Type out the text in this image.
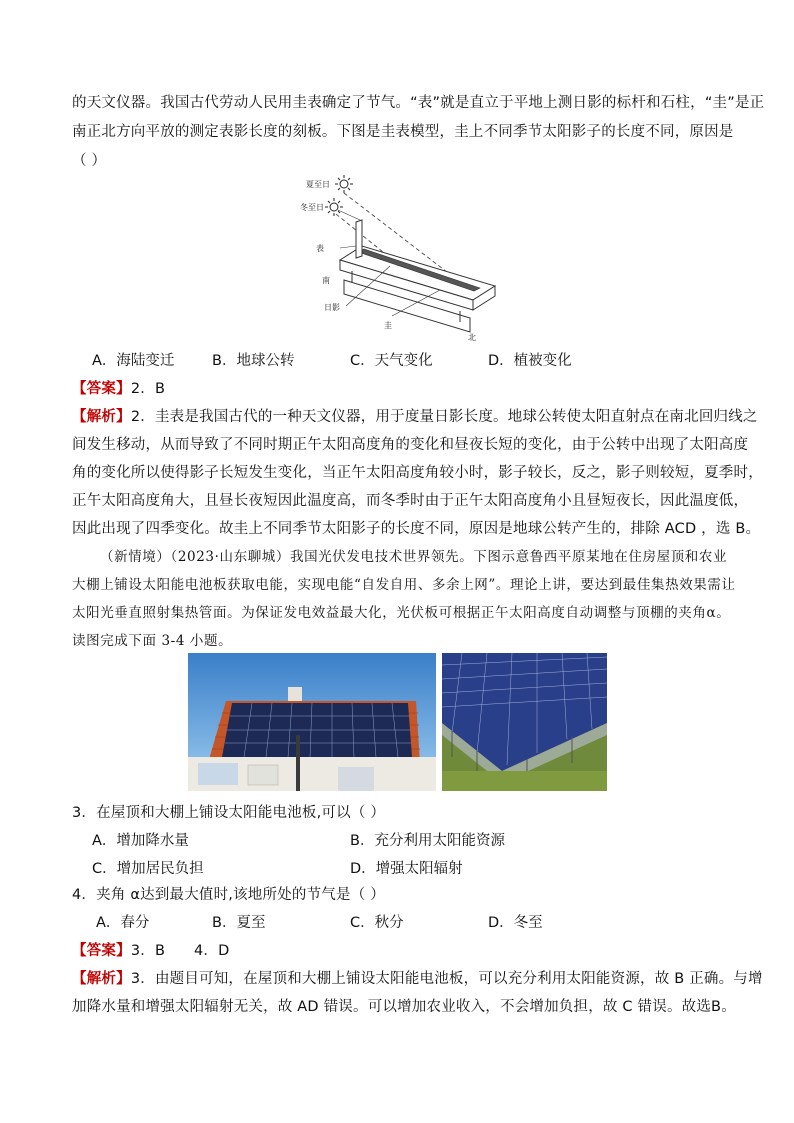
的天文仪器。我国古代劳动人民用圭表确定了节气。“表”就是直立于平地上测日影的标杆和石柱，“圭”是正
南正北方向平放的测定表影长度的刻板。下图是圭表模型，圭上不同季节太阳影子的长度不同，原因是
（ ）
夏至日
冬至日
表
南
日影
圭
北
A．海陆变迁	B．地球公转	C．天气变化	D．植被变化
【答案】2．B
【解析】2．圭表是我国古代的一种天文仪器，用于度量日影长度。地球公转使太阳直射点在南北回归线之
间发生移动，从而导致了不同时期正午太阳高度角的变化和昼夜长短的变化，由于公转中出现了太阳高度
角的变化所以使得影子长短发生变化，当正午太阳高度角较小时，影子较长，反之，影子则较短，夏季时，
正午太阳高度角大，且昼长夜短因此温度高，而冬季时由于正午太阳高度角小且昼短夜长，因此温度低，
因此出现了四季变化。故圭上不同季节太阳影子的长度不同，原因是地球公转产生的，排除 ACD ，选 B。
（新情境）（2023·山东聊城）我国光伏发电技术世界领先。下图示意鲁西平原某地在住房屋顶和农业
大棚上铺设太阳能电池板获取电能，实现电能“自发自用、多余上网”。理论上讲，要达到最佳集热效果需让
太阳光垂直照射集热管面。为保证发电效益最大化，光伏板可根据正午太阳高度自动调整与顶棚的夹角α。
读图完成下面 3-4 小题。
3．在屋顶和大棚上铺设太阳能电池板,可以（ ）
A．增加降水量	B．充分利用太阳能资源
C．增加居民负担	D．增强太阳辐射
4．夹角 α达到最大值时,该地所处的节气是（ ）
A．春分	B．夏至	C．秋分	D．冬至
【答案】3．B      4．D
【解析】3．由题目可知，在屋顶和大棚上铺设太阳能电池板，可以充分利用太阳能资源，故 B 正确。与增
加降水量和增强太阳辐射无关，故 AD 错误。可以增加农业收入，不会增加负担，故 C 错误。故选B。
